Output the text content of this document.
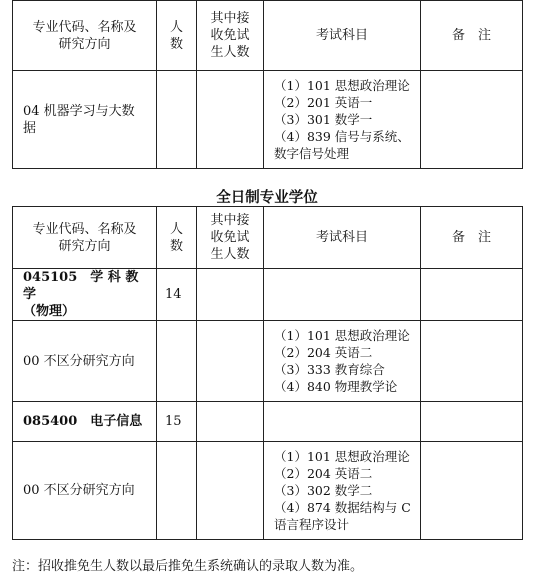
专业代码、名称及
研究方向	人
数	其中接
收免试
生人数	考试科目	备　注
04 机器学习与大数
据			（1）101 思想政治理论
（2）201 英语一
（3）301 数学一
（4）839 信号与系统、
数字信号处理	
全日制专业学位
专业代码、名称及
研究方向	人
数	其中接
收免试
生人数	考试科目	备　注
045105　学 科 教 学
（物理）	14			
00 不区分研究方向			（1）101 思想政治理论
（2）204 英语二
（3）333 教育综合
（4）840 物理教学论	
085400　电子信息	15			
00 不区分研究方向			（1）101 思想政治理论
（2）204 英语二
（3）302 数学二
（4）874 数据结构与 C
语言程序设计	
注：招收推免生人数以最后推免生系统确认的录取人数为准。
